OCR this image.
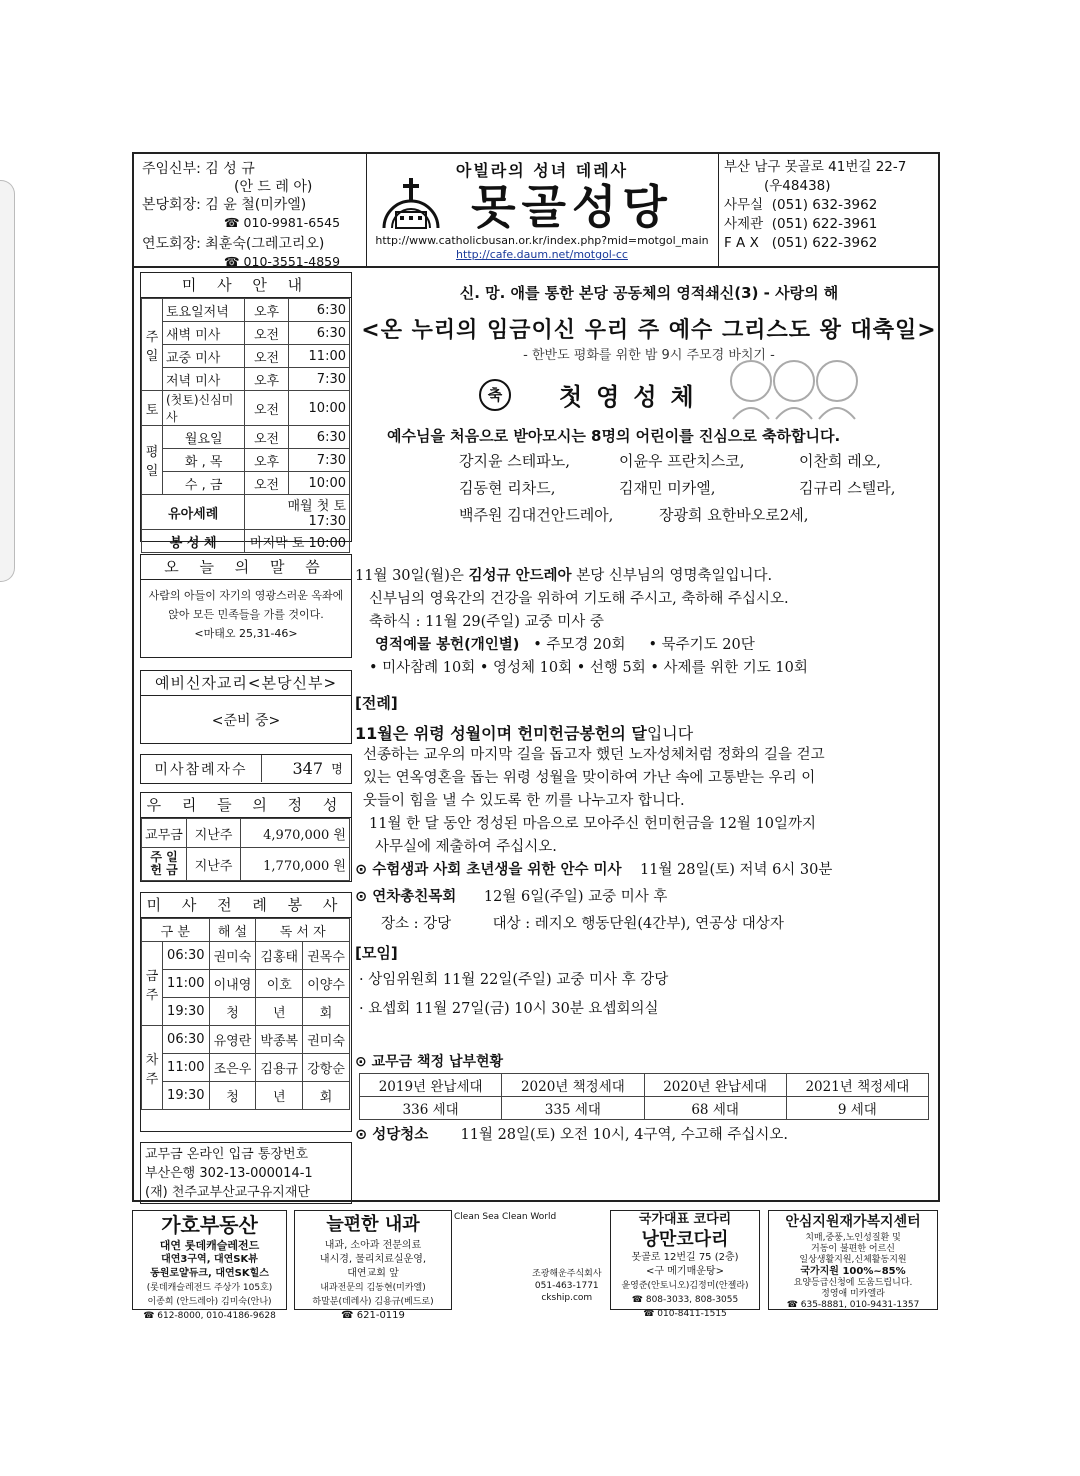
주임신부: 김 성 규
(안 드 레 아)
본당회장: 김 윤 철(미카엘)
☎ 010-9981-6545
연도회장: 최훈숙(그레고리오)
☎ 010-3551-4859
아빌라의 성녀 데레사
못골성당
http://www.catholicbusan.or.kr/index.php?mid=motgol_main
http://cafe.daum.net/motgol-cc
부산 남구 못골로 41번길 22-7
(우48438)
사무실 (051) 632-3962
사제관 (051) 622-3961
F A X (051) 622-3962
미 사 안 내
주일	토요일저녁	오후	6:30
	새벽 미사	오전	6:30
	교중 미사	오전	11:00
	저녁 미사	오후	7:30
토	(첫토)신심미사	오전	10:00
평일	월요일	오전	6:30
	화 , 목	오후	7:30
	수 , 금	오전	10:00
유아세례		매월 첫 토 17:30	
봉 성 체		마지막 토 10:00	
오 늘 의 말 씀
사람의 아들이 자기의 영광스러운 옥좌에
앉아 모든 민족들을 가를 것이다.
<마태오 25,31-46>
예비신자교리<본당신부>
<준비 중>
미사참례자수	347	명
우 리 들 의 정 성
교무금	지난주	4,970,000 원
주 일 헌 금	지난주	1,770,000 원
미 사 전 례 봉 사
구 분		해 설	독 서 자	
금주	06:30	권미숙	김홍태	권목수
	11:00	이내영	이호	이양수
	19:30	청	년	회
차주	06:30	유영란	박종복	권미숙
	11:00	조은우	김용규	강항순
	19:30	청	년	회
교무금 온라인 입금 통장번호
부산은행 302-13-000014-1
(재) 천주교부산교구유지재단
신. 망. 애를 통한 본당 공동체의 영적쇄신(3) - 사랑의 해
<온 누리의 임금이신 우리 주 예수 그리스도 왕 대축일>
- 한반도 평화를 위한 밤 9시 주모경 바치기 -
축	첫영성체
예수님을 처음으로 받아모시는 8명의 어린이를 진심으로 축하합니다.
강지윤 스테파노,	이윤우 프란치스코,	이찬희 레오,
김동현 리차드,	김재민 미카엘,	김규리 스텔라,
백주원 김대건안드레아,	장광희 요한바오로2세,
11월 30일(월)은 김성규 안드레아 본당 신부님의 영명축일입니다.
신부님의 영육간의 건강을 위하여 기도해 주시고, 축하해 주십시오.
축하식 : 11월 29(주일) 교중 미사 중
영적예물 봉헌(개인별) • 주모경 20회 • 묵주기도 20단
• 미사참례 10회 • 영성체 10회 • 선행 5회 • 사제를 위한 기도 10회
[전례]
11월은 위령 성월이며 헌미헌금봉헌의 달입니다
선종하는 교우의 마지막 길을 돕고자 했던 노자성체처럼 정화의 길을 걷고
있는 연옥영혼을 돕는 위령 성월을 맞이하여 가난 속에 고통받는 우리 이
웃들이 힘을 낼 수 있도록 한 끼를 나누고자 합니다.
11월 한 달 동안 정성된 마음으로 모아주신 헌미헌금을 12월 10일까지
사무실에 제출하여 주십시오.
⊙ 수험생과 사회 초년생을 위한 안수 미사 11월 28일(토) 저녁 6시 30분
⊙ 연차총친목회 12월 6일(주일) 교중 미사 후
장소 : 강당	대상 : 레지오 행동단원(4간부), 연공상 대상자
[모임]
· 상임위원회 11월 22일(주일) 교중 미사 후 강당
· 요셉회 11월 27일(금) 10시 30분 요셉회의실
⊙ 교무금 책정 납부현황
2019년 완납세대	2020년 책정세대	2020년 완납세대	2021년 책정세대
336 세대	335 세대	68 세대	9 세대
⊙ 성당청소 11월 28일(토) 오전 10시, 4구역, 수고해 주십시오.
가호부동산
대연 롯데캐슬레전드
대연3구역, 대연SK뷰
동원로얄듀크, 대연SK힐스
(롯데캐슬레전드 주상가 105호)
이종희 (안드레아) 김미숙(안나)
☎ 612-8000, 010-4186-9628
늘편한 내과
내과, 소아과 전문의료
내시경, 물리치료실운영,
대연교회 앞
내과전문의 김동현(미카엘)
하말분(데레사) 김용규(베드로)
☎ 621-0119
Clean Sea Clean World
조광해운주식회사
051-463-1771
ckship.com
국가대표 코다리
낭만코다리
못골로 12번길 75 (2층)
<구 메기매운탕>
윤영준(안토니오)김정미(안젤라)
☎ 808-3033, 808-3055
☎ 010-8411-1515
안심지원재가복지센터
치매,중풍,노인성질환 및
거동이 불편한 어르신
일상생활지원,신체활동지원
국가지원 100%~85%
요양등급신청에 도움드립니다.
정영애 미카엘라
☎ 635-8881, 010-9431-1357
